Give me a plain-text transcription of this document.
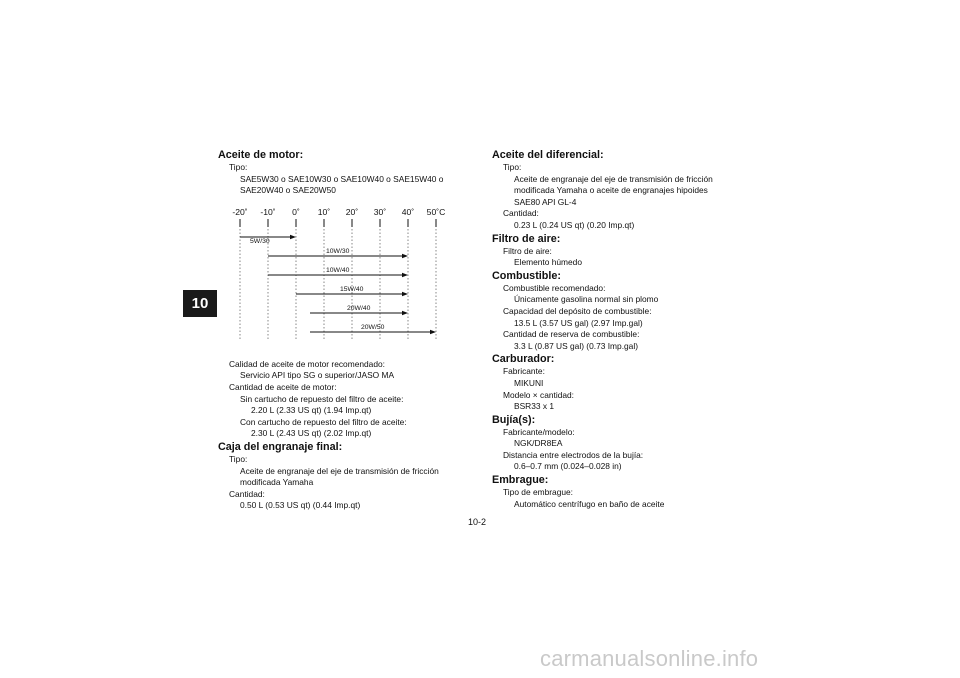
10
Aceite de motor:
Tipo:
SAE5W30 o SAE10W30 o SAE10W40 o SAE15W40 o
SAE20W40 o SAE20W50
-20˚ -10˚ 0˚ 10˚ 20˚ 30˚ 40˚ 50˚C
5W/30
10W/30
10W/40
15W/40
20W/40
20W/50
Calidad de aceite de motor recomendado:
Servicio API tipo SG o superior/JASO MA
Cantidad de aceite de motor:
Sin cartucho de repuesto del filtro de aceite:
2.20 L (2.33 US qt) (1.94 Imp.qt)
Con cartucho de repuesto del filtro de aceite:
2.30 L (2.43 US qt) (2.02 Imp.qt)
Caja del engranaje final:
Tipo:
Aceite de engranaje del eje de transmisión de fricción
modificada Yamaha
Cantidad:
0.50 L (0.53 US qt) (0.44 Imp.qt)
Aceite del diferencial:
Tipo:
Aceite de engranaje del eje de transmisión de fricción
modificada Yamaha o aceite de engranajes hipoides
SAE80 API GL-4
Cantidad:
0.23 L (0.24 US qt) (0.20 Imp.qt)
Filtro de aire:
Filtro de aire:
Elemento húmedo
Combustible:
Combustible recomendado:
Únicamente gasolina normal sin plomo
Capacidad del depósito de combustible:
13.5 L (3.57 US gal) (2.97 Imp.gal)
Cantidad de reserva de combustible:
3.3 L (0.87 US gal) (0.73 Imp.gal)
Carburador:
Fabricante:
MIKUNI
Modelo × cantidad:
BSR33 x 1
Bujía(s):
Fabricante/modelo:
NGK/DR8EA
Distancia entre electrodos de la bujía:
0.6–0.7 mm (0.024–0.028 in)
Embrague:
Tipo de embrague:
Automático centrífugo en baño de aceite
10-2
carmanualsonline.info
